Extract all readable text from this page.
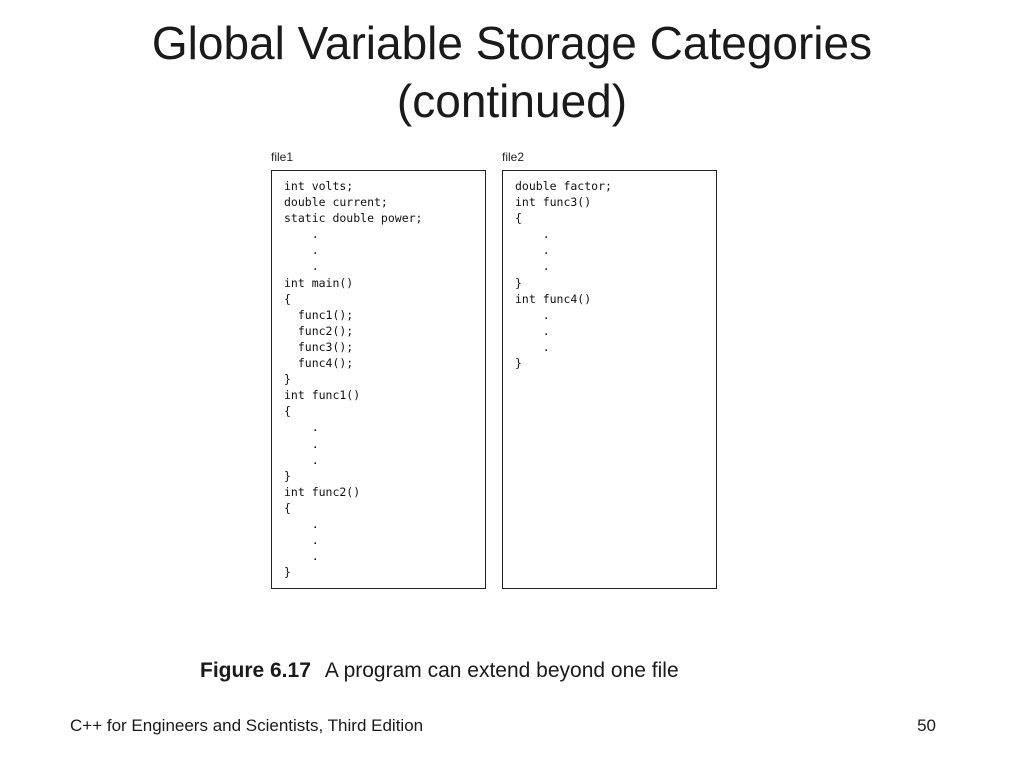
Global Variable Storage Categories
(continued)
file1
int volts;
double current;
static double power;
.
.
.
int main()
{
func1();
func2();
func3();
func4();
}
int func1()
{
.
.
.
}
int func2()
{
.
.
.
}
file2
double factor;
int func3()
{
.
.
.
}
int func4()
.
.
.
}
Figure 6.17 A program can extend beyond one file
C++ for Engineers and Scientists, Third Edition	50
